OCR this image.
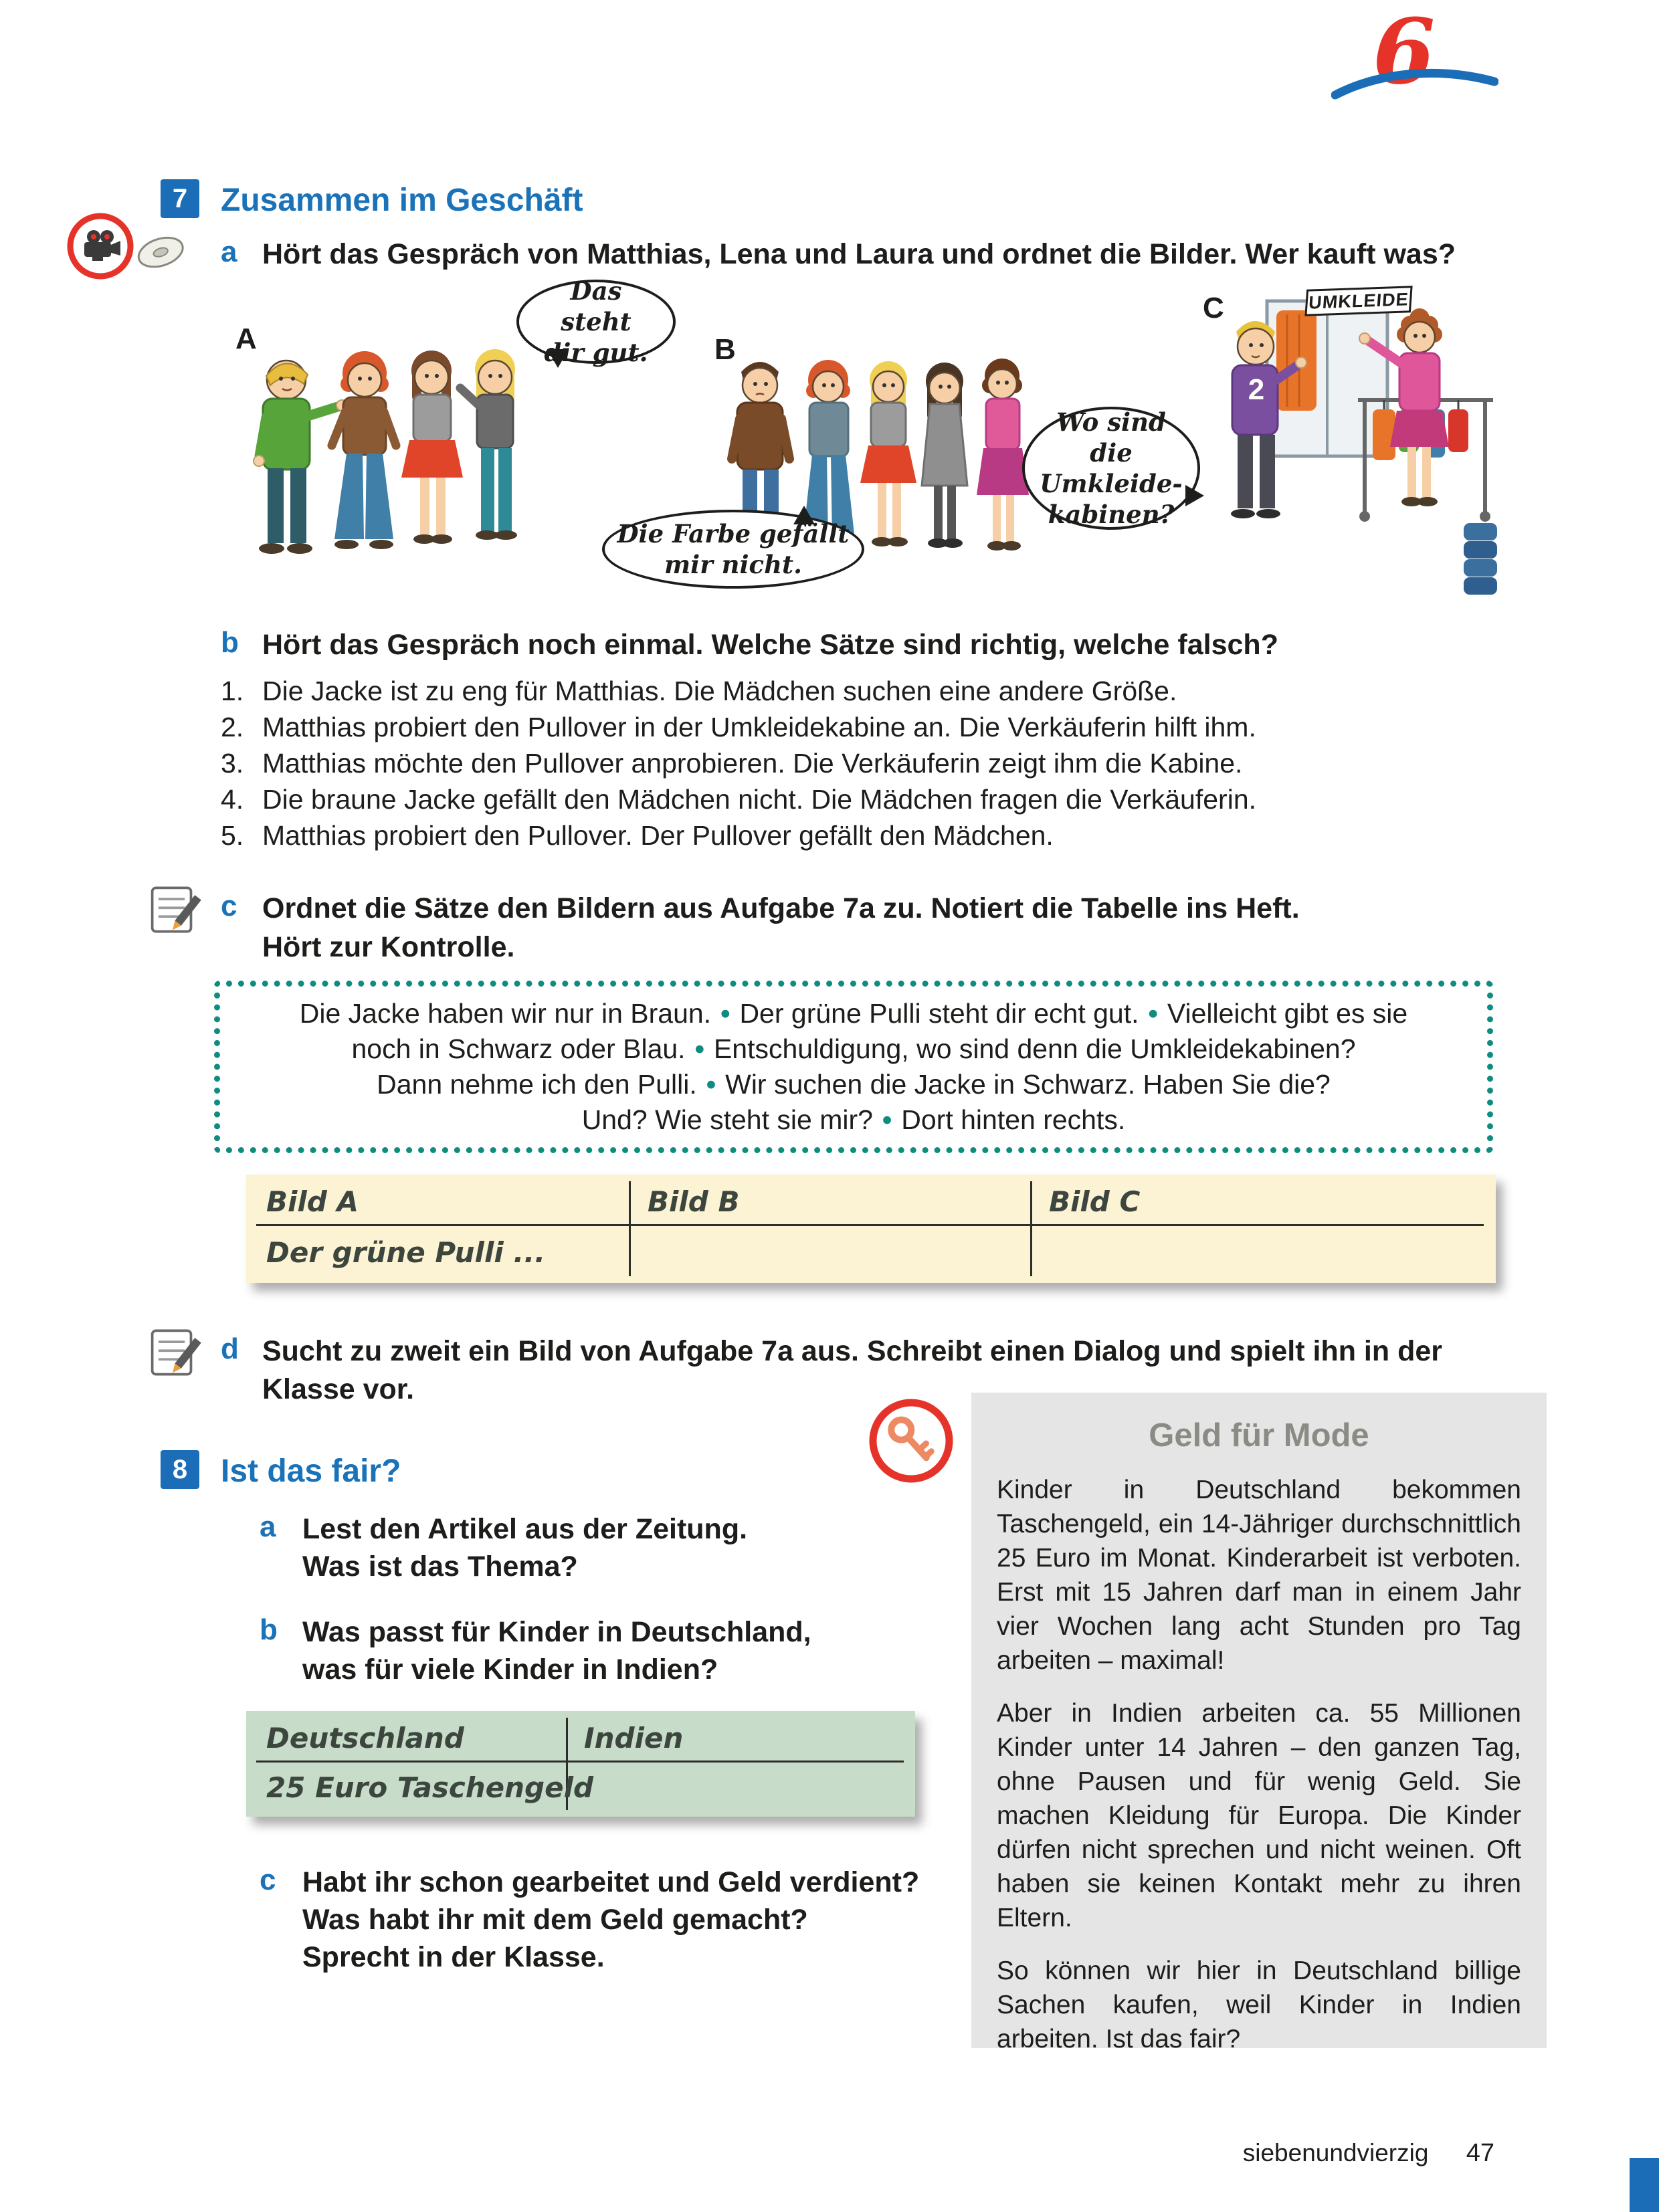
6
7	Zusammen im Geschäft
a Hört das Gespräch von Matthias, Lena und Laura und ordnet die Bilder. Wer kauft was?
A	B
C
Das steht
dir gut.
Die Farbe gefällt
mir nicht.
Wo sind die
Umkleide-
kabinen?
UMKLEIDE
2
b Hört das Gespräch noch einmal. Welche Sätze sind richtig, welche falsch?
1. Die Jacke ist zu eng für Matthias. Die Mädchen suchen eine andere Größe.
2. Matthias probiert den Pullover in der Umkleidekabine an. Die Verkäuferin hilft ihm.
3. Matthias möchte den Pullover anprobieren. Die Verkäuferin zeigt ihm die Kabine.
4. Die braune Jacke gefällt den Mädchen nicht. Die Mädchen fragen die Verkäuferin.
5. Matthias probiert den Pullover. Der Pullover gefällt den Mädchen.
c Ordnet die Sätze den Bildern aus Aufgabe 7a zu. Notiert die Tabelle ins Heft.
Hört zur Kontrolle.
Die Jacke haben wir nur in Braun. • Der grüne Pulli steht dir echt gut. • Vielleicht gibt es sie
noch in Schwarz oder Blau. • Entschuldigung, wo sind denn die Umkleidekabinen?
Dann nehme ich den Pulli. • Wir suchen die Jacke in Schwarz. Haben Sie die?
Und? Wie steht sie mir? • Dort hinten rechts.
Bild A	Bild B	Bild C
Der grüne Pulli ...
d Sucht zu zweit ein Bild von Aufgabe 7a aus. Schreibt einen Dialog und spielt ihn in der Klasse vor.
8	Ist das fair?
a Lest den Artikel aus der Zeitung.
Was ist das Thema?
b Was passt für Kinder in Deutschland,
was für viele Kinder in Indien?
Deutschland	Indien
25 Euro Taschengeld
c Habt ihr schon gearbeitet und Geld verdient?
Was habt ihr mit dem Geld gemacht?
Sprecht in der Klasse.
Geld für Mode

Kinder in Deutschland bekommen Taschengeld, ein 14-Jähriger durchschnittlich 25 Euro im Monat. Kinderarbeit ist verboten. Erst mit 15 Jahren darf man in einem Jahr vier Wochen lang acht Stunden pro Tag arbeiten – maximal!

Aber in Indien arbeiten ca. 55 Millionen Kinder unter 14 Jahren – den ganzen Tag, ohne Pausen und für wenig Geld. Sie machen Kleidung für Europa. Die Kinder dürfen nicht sprechen und nicht weinen. Oft haben sie keinen Kontakt mehr zu ihren Eltern.

So können wir hier in Deutschland billige Sachen kaufen, weil Kinder in Indien arbeiten. Ist das fair?

siebenundvierzig 47
